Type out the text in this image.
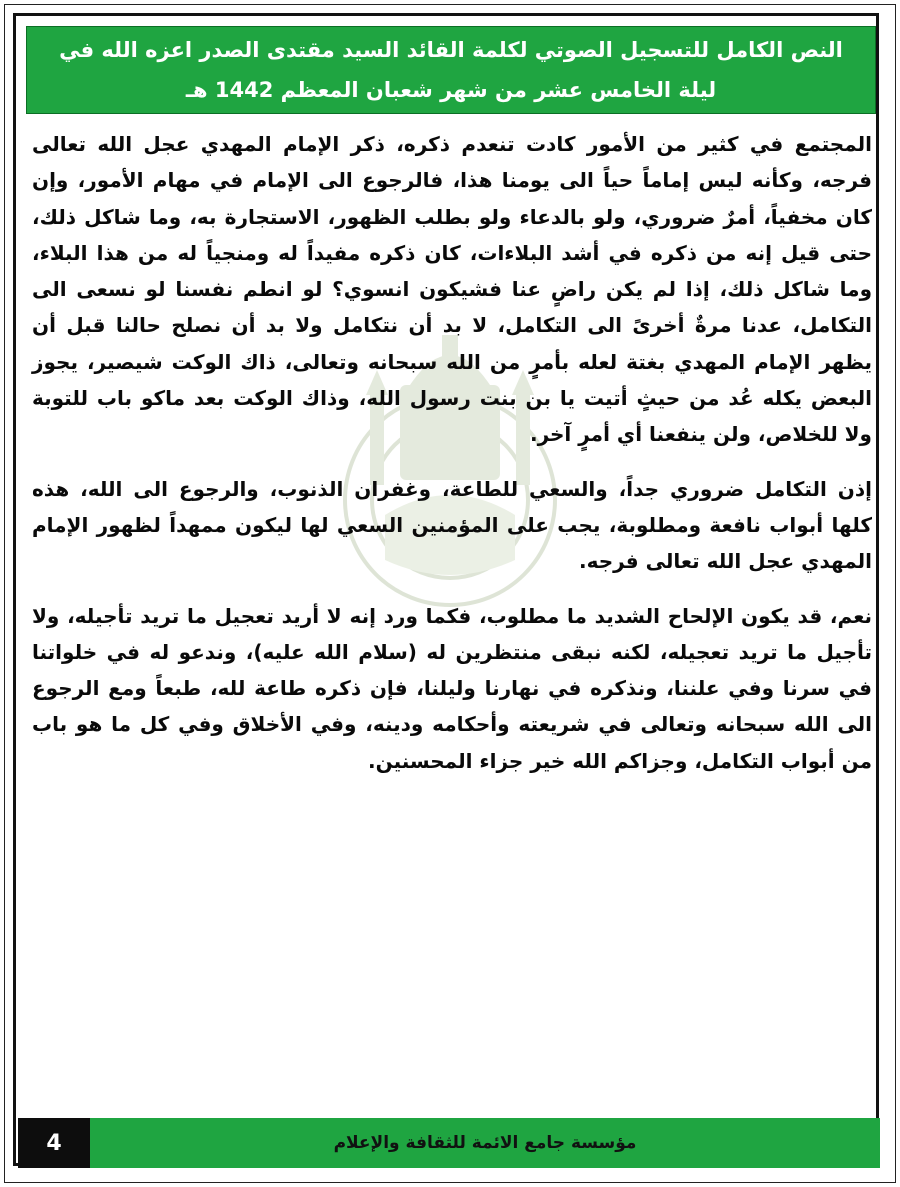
النص الكامل للتسجيل الصوتي لكلمة القائد السيد مقتدى الصدر اعزه الله في
ليلة الخامس عشر من شهر شعبان المعظم 1442 هـ

المجتمع في كثير من الأمور كادت تنعدم ذكره، ذكر الإمام المهدي عجل الله تعالى فرجه، وكأنه ليس إماماً حياً الى يومنا هذا، فالرجوع الى الإمام في مهام الأمور، وإن كان مخفياً، أمرٌ ضروري، ولو بالدعاء ولو بطلب الظهور، الاستجارة به، وما شاكل ذلك، حتى قيل إنه من ذكره في أشد البلاءات، كان ذكره مفيداً له ومنجياً له من هذا البلاء، وما شاكل ذلك، إذا لم يكن راضٍ عنا فشيكون انسوي؟ لو انطم نفسنا لو نسعى الى التكامل، عدنا مرةٌ أخرىً الى التكامل، لا بد أن نتكامل ولا بد أن نصلح حالنا قبل أن يظهر الإمام المهدي بغتة لعله بأمرٍ من الله سبحانه وتعالى، ذاك الوكت شيصير، يجوز البعض يكله عُد من حيثٍ أتيت يا بن بنت رسول الله، وذاك الوكت بعد ماكو باب للتوبة ولا للخلاص، ولن ينفعنا أي أمرٍ آخر.

إذن التكامل ضروري جداً، والسعي للطاعة، وغفران الذنوب، والرجوع الى الله، هذه كلها أبواب نافعة ومطلوبة، يجب على المؤمنين السعي لها ليكون ممهداً لظهور الإمام المهدي عجل الله تعالى فرجه.

نعم، قد يكون الإلحاح الشديد ما مطلوب، فكما ورد إنه لا أريد تعجيل ما تريد تأجيله، ولا تأجيل ما تريد تعجيله، لكنه نبقى منتظرين له (سلام الله عليه)، وندعو له في خلواتنا في سرنا وفي علننا، ونذكره في نهارنا وليلنا، فإن ذكره طاعة لله، طبعاً ومع الرجوع الى الله سبحانه وتعالى في شريعته وأحكامه ودينه، وفي الأخلاق وفي كل ما هو باب من أبواب التكامل، وجزاكم الله خير جزاء المحسنين.

4	مؤسسة جامع الائمة للثقافة والإعلام
